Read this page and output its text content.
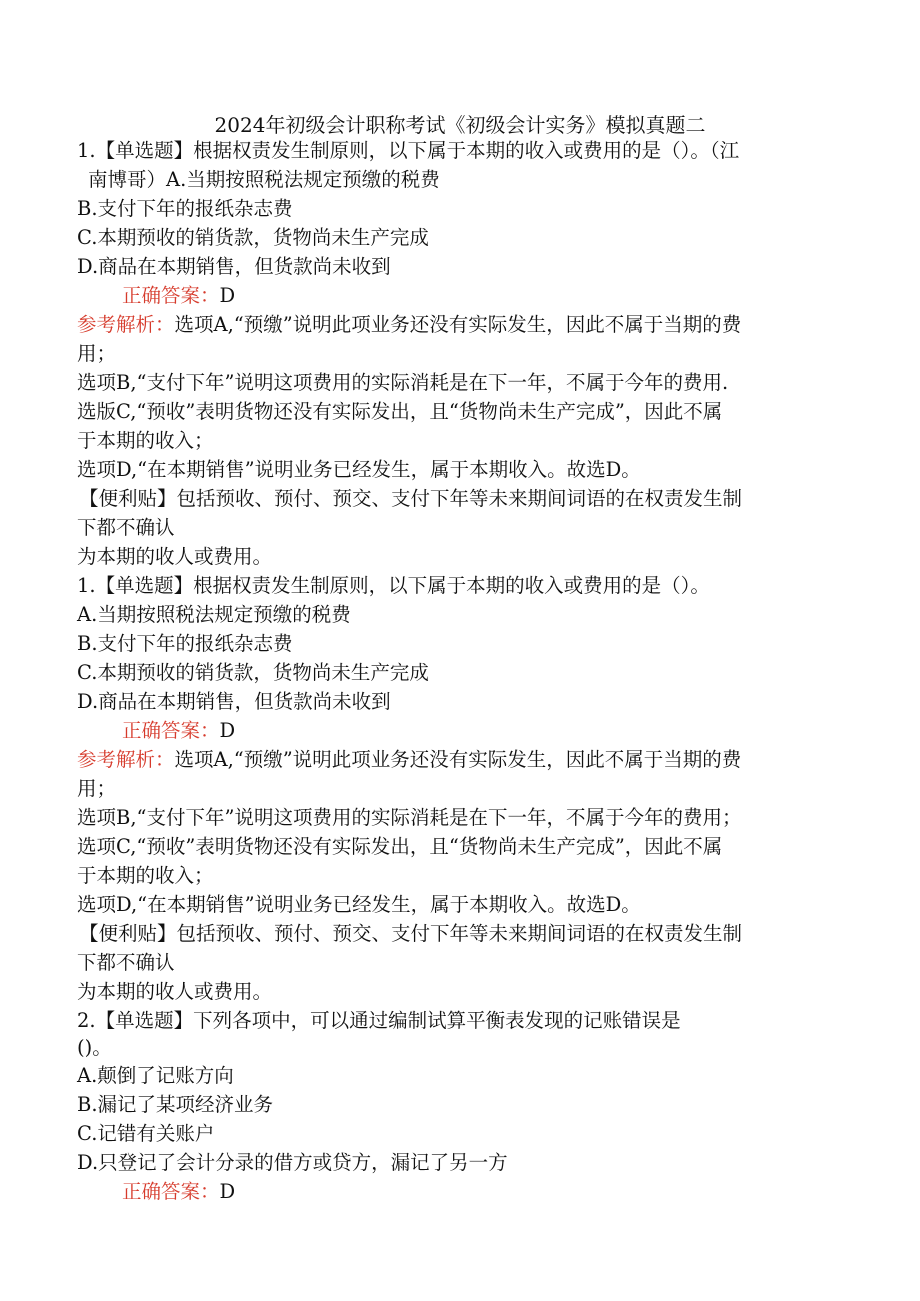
2024年初级会计职称考试《初级会计实务》模拟真题二
1.【单选题】根据权责发生制原则，以下属于本期的收入或费用的是（）。（江
南博哥）A.当期按照税法规定预缴的税费
B.支付下年的报纸杂志费
C.本期预收的销货款，货物尚未生产完成
D.商品在本期销售，但货款尚未收到
正确答案：D
参考解析：选项A,“预缴”说明此项业务还没有实际发生，因此不属于当期的费
用；
选项B,“支付下年”说明这项费用的实际消耗是在下一年，不属于今年的费用.
选版C,“预收”表明货物还没有实际发出，且“货物尚未生产完成”，因此不属
于本期的收入；
选项D,“在本期销售”说明业务已经发生，属于本期收入。故选D。
【便利贴】包括预收、预付、预交、支付下年等未来期间词语的在权责发生制
下都不确认
为本期的收人或费用。
1.【单选题】根据权责发生制原则，以下属于本期的收入或费用的是（）。
A.当期按照税法规定预缴的税费
B.支付下年的报纸杂志费
C.本期预收的销货款，货物尚未生产完成
D.商品在本期销售，但货款尚未收到
正确答案：D
参考解析：选项A,“预缴”说明此项业务还没有实际发生，因此不属于当期的费
用；
选项B,“支付下年”说明这项费用的实际消耗是在下一年，不属于今年的费用；
选项C,“预收”表明货物还没有实际发出，且“货物尚未生产完成”，因此不属
于本期的收入；
选项D,“在本期销售”说明业务已经发生，属于本期收入。故选D。
【便利贴】包括预收、预付、预交、支付下年等未来期间词语的在权责发生制
下都不确认
为本期的收人或费用。
2.【单选题】下列各项中，可以通过编制试算平衡表发现的记账错误是
()。
A.颠倒了记账方向
B.漏记了某项经济业务
C.记错有关账户
D.只登记了会计分录的借方或贷方，漏记了另一方
正确答案：D
